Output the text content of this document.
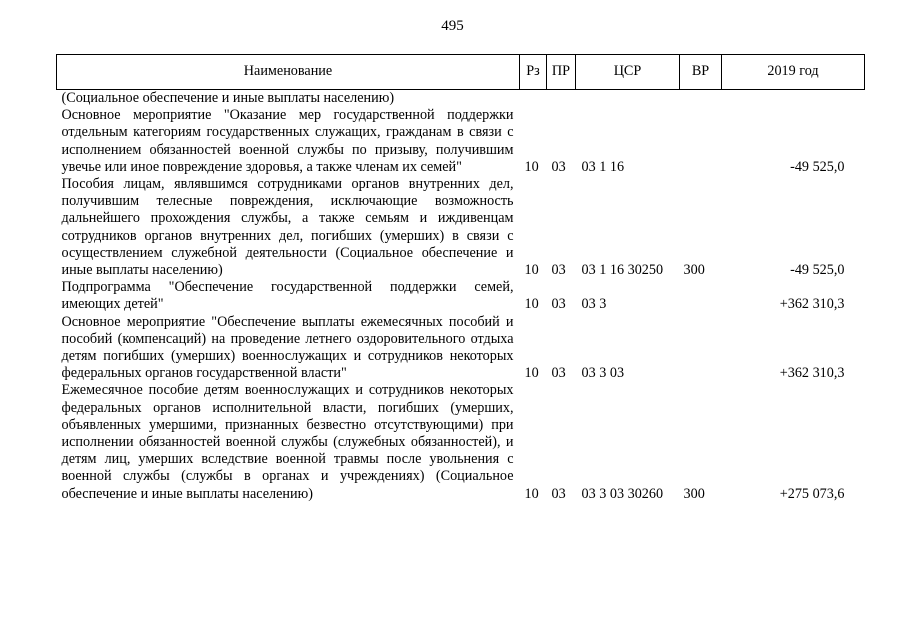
495
Наименование	Рз	ПР	ЦСР	ВР	2019 год
(Социальное обеспечение и иные выплаты населению)					
Основное мероприятие "Оказание мер государственной поддержки отдельным категориям государственных служащих, гражданам в связи с исполнением обязанностей военной службы по призыву, получившим увечье или иное повреждение здоровья, а также членам их семей"	10	03	03 1 16		-49 525,0
Пособия лицам, являвшимся сотрудниками органов внутренних дел, получившим телесные повреждения, исключающие возможность дальнейшего прохождения службы, а также семьям и иждивенцам сотрудников органов внутренних дел, погибших (умерших) в связи с осуществлением служебной деятельности (Социальное обеспечение и иные выплаты населению)	10	03	03 1 16 30250	300	-49 525,0
Подпрограмма "Обеспечение государственной поддержки семей, имеющих детей"	10	03	03 3		+362 310,3
Основное мероприятие "Обеспечение выплаты ежемесячных пособий и пособий (компенсаций) на проведение летнего оздоровительного отдыха детям погибших (умерших) военнослужащих и сотрудников некоторых федеральных органов государственной власти"	10	03	03 3 03		+362 310,3
Ежемесячное пособие детям военнослужащих и сотрудников некоторых федеральных органов исполнительной власти, погибших (умерших, объявленных умершими, признанных безвестно отсутствующими) при исполнении обязанностей военной службы (служебных обязанностей), и детям лиц, умерших вследствие военной травмы после увольнения с военной службы (службы в органах и учреждениях) (Социальное обеспечение и иные выплаты населению)	10	03	03 3 03 30260	300	+275 073,6
